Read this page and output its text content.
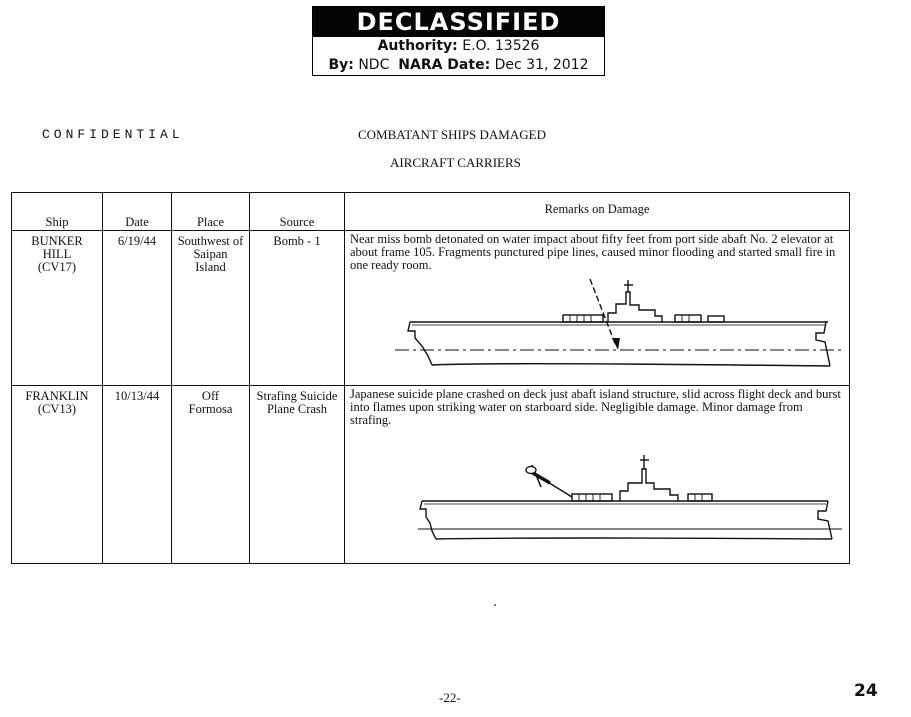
DECLASSIFIED
Authority: E.O. 13526
By: NDC NARA Date: Dec 31, 2012
CONFIDENTIAL	COMBATANT SHIPS DAMAGED
AIRCRAFT CARRIERS
Ship	Date	Place	Source	Remarks on Damage

BUNKER HILL
(CV17)	6/19/44	Southwest of Saipan Island	Bomb - 1	Near miss bomb detonated on water impact about fifty feet from port side abaft No. 2 elevator at about frame 105. Fragments punctured pipe lines, caused minor flooding and started small fire in one ready room.

FRANKLIN
(CV13)	10/13/44	Off Formosa	Strafing Suicide Plane Crash	Japanese suicide plane crashed on deck just abaft island structure, slid across flight deck and burst into flames upon striking water on starboard side. Negligible damage. Minor damage from strafing.
-22-	24
